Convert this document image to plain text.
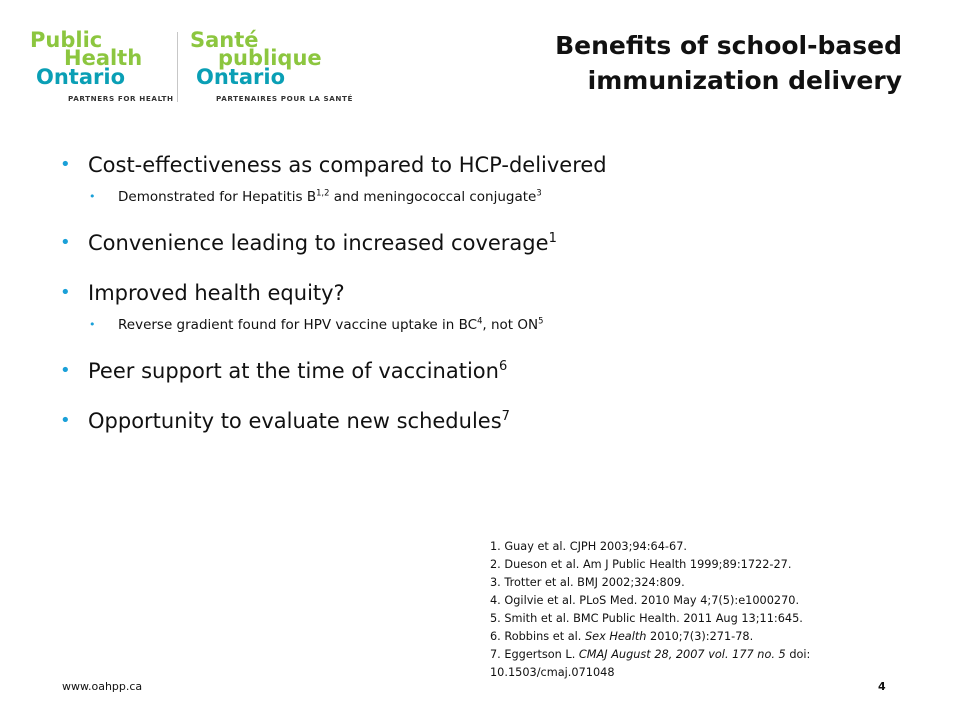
Public
Health
Ontario
PARTNERS FOR HEALTH
Santé
publique
Ontario
PARTENAIRES POUR LA SANTÉ
Benefits of school-based
immunization delivery
• Cost-effectiveness as compared to HCP-delivered
• Demonstrated for Hepatitis B$^{1,2}$ and meningococcal conjugate$^3$
• Convenience leading to increased coverage$^1$
• Improved health equity?
• Reverse gradient found for HPV vaccine uptake in $BC^4$, not $ON^5$
• Peer support at the time of vaccination$^6$
• Opportunity to evaluate new schedules$^7$
1. Guay et al. CJPH 2003;94:64-67.
2. Dueson et al. Am J Public Health 1999;89:1722-27.
3. Trotter et al. BMJ 2002;324:809.
4. Ogilvie et al. PLoS Med. 2010 May 4;7(5):e1000270.
5. Smith et al. BMC Public Health. 2011 Aug 13;11:645.
6. Robbins et al. Sex Health 2010;7(3):271-78.
7. Eggertson L. CMAJ August 28, 2007 vol. 177 no. 5 doi:
10.1503/cmaj.071048
www.oahpp.ca	4
